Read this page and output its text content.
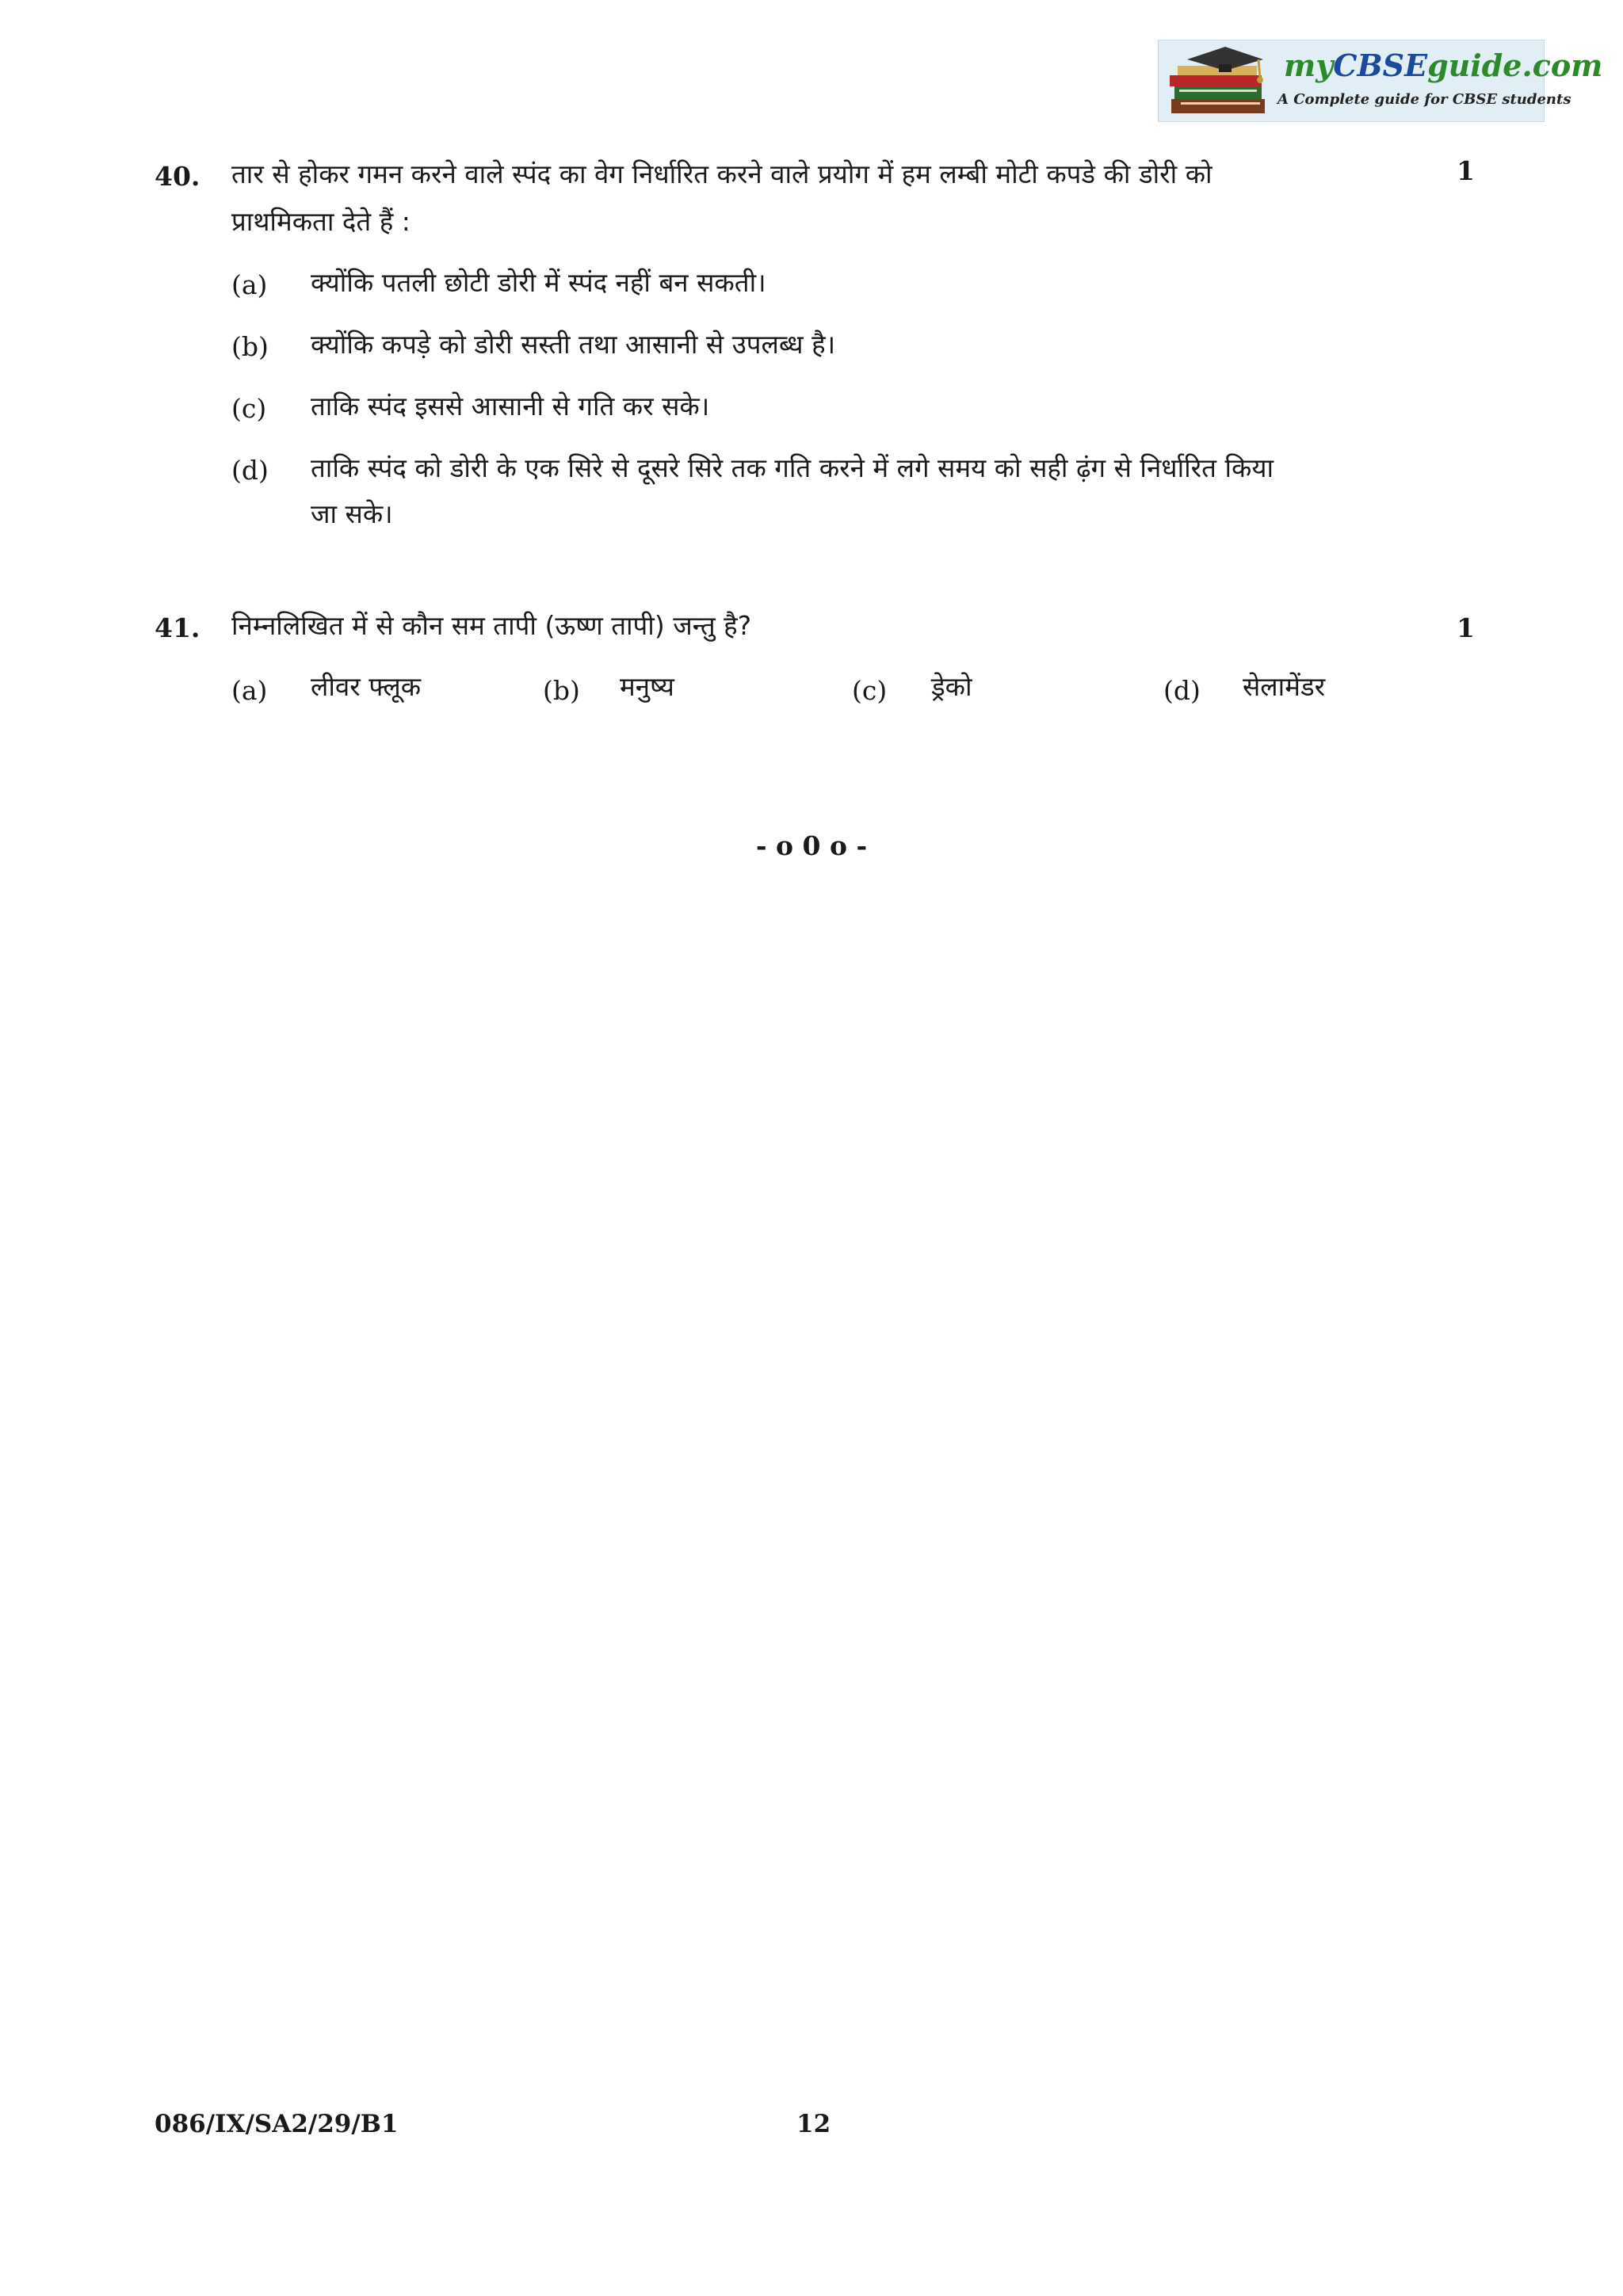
myCBSEguide.com
A Complete guide for CBSE students
40.	1
तार से होकर गमन करने वाले स्पंद का वेग निर्धारित करने वाले प्रयोग में हम लम्बी मोटी कपडे की डोरी को
प्राथमिकता देते हैं :
(a) क्योंकि पतली छोटी डोरी में स्पंद नहीं बन सकती।
(b) क्योंकि कपड़े को डोरी सस्ती तथा आसानी से उपलब्ध है।
(c) ताकि स्पंद इससे आसानी से गति कर सके।
(d) ताकि स्पंद को डोरी के एक सिरे से दूसरे सिरे तक गति करने में लगे समय को सही ढ़ंग से निर्धारित किया
जा सके।
41.	1
निम्नलिखित में से कौन सम तापी (ऊष्ण तापी) जन्तु है?
(a) लीवर फ्लूक	(b) मनुष्य	(c) ड्रेको	(d) सेलामेंडर
- o 0 o -
086/IX/SA2/29/B1	12
